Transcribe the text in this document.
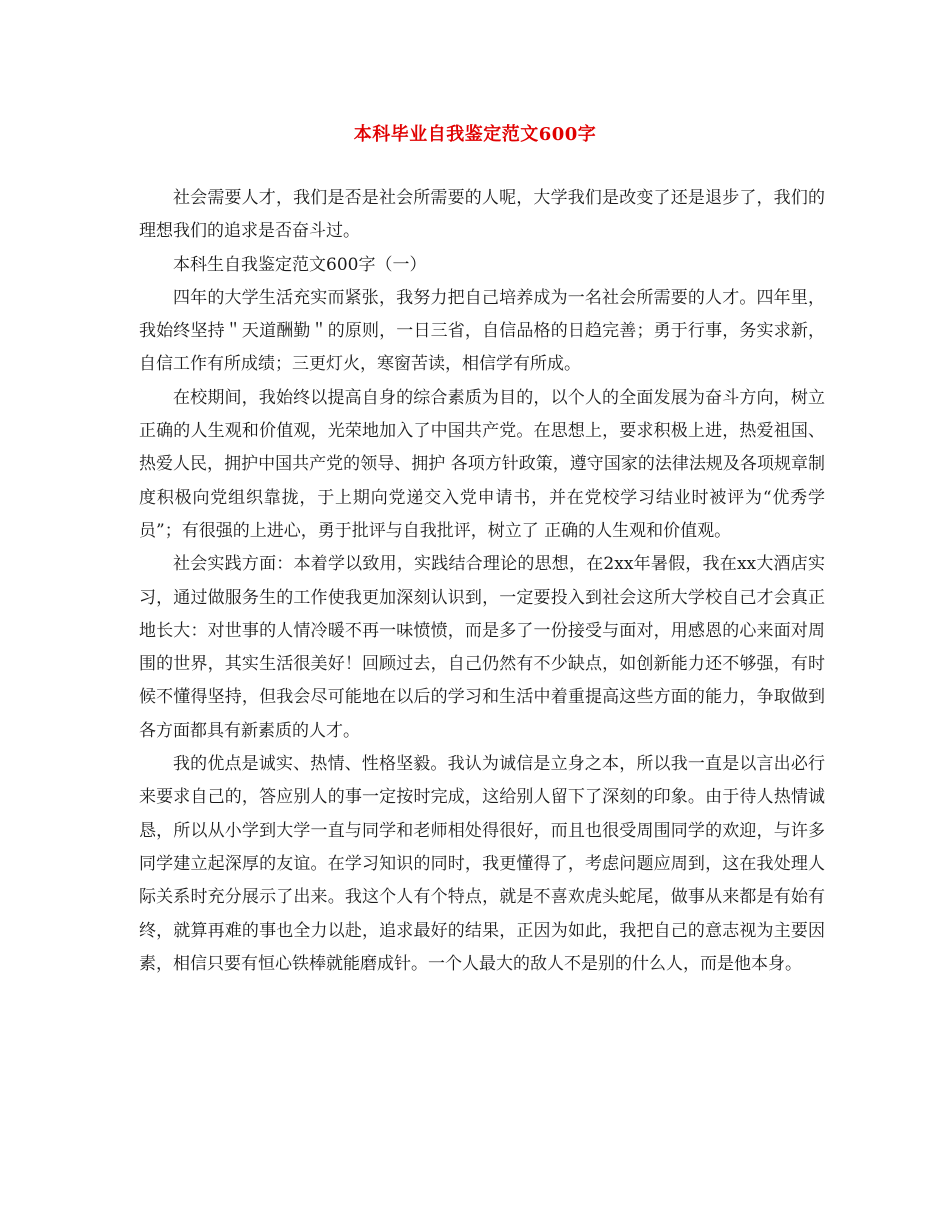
本科毕业自我鉴定范文600字

社会需要人才，我们是否是社会所需要的人呢，大学我们是改变了还是退步了，我们的理想我们的追求是否奋斗过。

本科生自我鉴定范文600字（一）

四年的大学生活充实而紧张，我努力把自己培养成为一名社会所需要的人才。四年里，我始终坚持＂天道酬勤＂的原则，一日三省，自信品格的日趋完善；勇于行事，务实求新，自信工作有所成绩；三更灯火，寒窗苦读，相信学有所成。

在校期间，我始终以提高自身的综合素质为目的，以个人的全面发展为奋斗方向，树立正确的人生观和价值观，光荣地加入了中国共产党。在思想上，要求积极上进，热爱祖国、热爱人民，拥护中国共产党的领导、拥护 各项方针政策，遵守国家的法律法规及各项规章制度积极向党组织靠拢，于上期向党递交入党申请书，并在党校学习结业时被评为“优秀学员”；有很强的上进心，勇于批评与自我批评，树立了 正确的人生观和价值观。

社会实践方面：本着学以致用，实践结合理论的思想，在2xx年暑假，我在xx大酒店实习，通过做服务生的工作使我更加深刻认识到，一定要投入到社会这所大学校自己才会真正地长大：对世事的人情冷暖不再一味愤愤，而是多了一份接受与面对，用感恩的心来面对周围的世界，其实生活很美好！回顾过去，自己仍然有不少缺点，如创新能力还不够强，有时候不懂得坚持，但我会尽可能地在以后的学习和生活中着重提高这些方面的能力，争取做到各方面都具有新素质的人才。

我的优点是诚实、热情、性格坚毅。我认为诚信是立身之本，所以我一直是以言出必行来要求自己的，答应别人的事一定按时完成，这给别人留下了深刻的印象。由于待人热情诚恳，所以从小学到大学一直与同学和老师相处得很好，而且也很受周围同学的欢迎，与许多同学建立起深厚的友谊。在学习知识的同时，我更懂得了，考虑问题应周到，这在我处理人际关系时充分展示了出来。我这个人有个特点，就是不喜欢虎头蛇尾，做事从来都是有始有终，就算再难的事也全力以赴，追求最好的结果，正因为如此，我把自己的意志视为主要因素，相信只要有恒心铁棒就能磨成针。一个人最大的敌人不是别的什么人，而是他本身。
